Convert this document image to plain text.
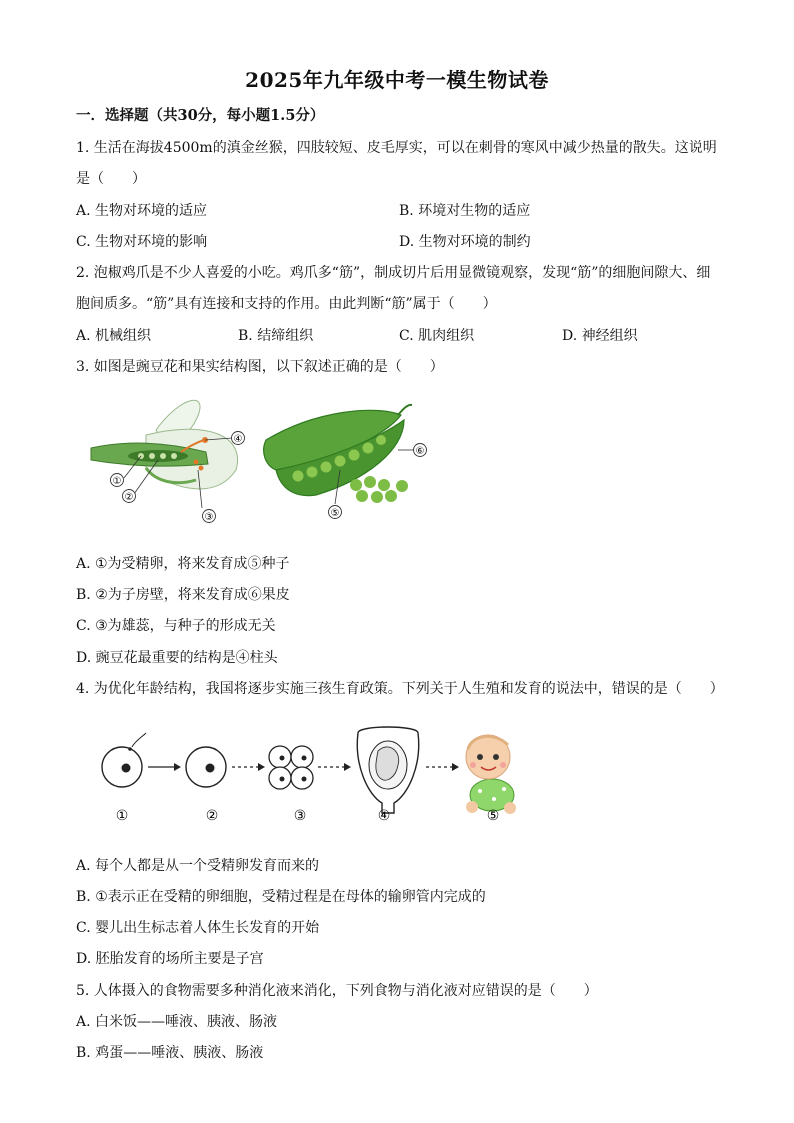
2025年九年级中考一模生物试卷
一．选择题（共30分，每小题1.5分）
1. 生活在海拔4500m的滇金丝猴，四肢较短、皮毛厚实，可以在刺骨的寒风中减少热量的散失。这说明
是（　　）
A. 生物对环境的适应	B. 环境对生物的适应
C. 生物对环境的影响	D. 生物对环境的制约
2. 泡椒鸡爪是不少人喜爱的小吃。鸡爪多“筋”，制成切片后用显微镜观察，发现“筋”的细胞间隙大、细
胞间质多。“筋”具有连接和支持的作用。由此判断“筋”属于（　　）
A. 机械组织	B. 结缔组织	C. 肌肉组织	D. 神经组织
3. 如图是豌豆花和果实结构图，以下叙述正确的是（　　）
①
②
③
④
⑤
⑥
A. ①为受精卵，将来发育成⑤种子
B. ②为子房壁，将来发育成⑥果皮
C. ③为雄蕊，与种子的形成无关
D. 豌豆花最重要的结构是④柱头
4. 为优化年龄结构，我国将逐步实施三孩生育政策。下列关于人生殖和发育的说法中，错误的是（　　）
①	②	③	④	⑤
A. 每个人都是从一个受精卵发育而来的
B. ①表示正在受精的卵细胞，受精过程是在母体的输卵管内完成的
C. 婴儿出生标志着人体生长发育的开始
D. 胚胎发育的场所主要是子宫
5. 人体摄入的食物需要多种消化液来消化，下列食物与消化液对应错误的是（　　）
A. 白米饭——唾液、胰液、肠液
B. 鸡蛋——唾液、胰液、肠液
